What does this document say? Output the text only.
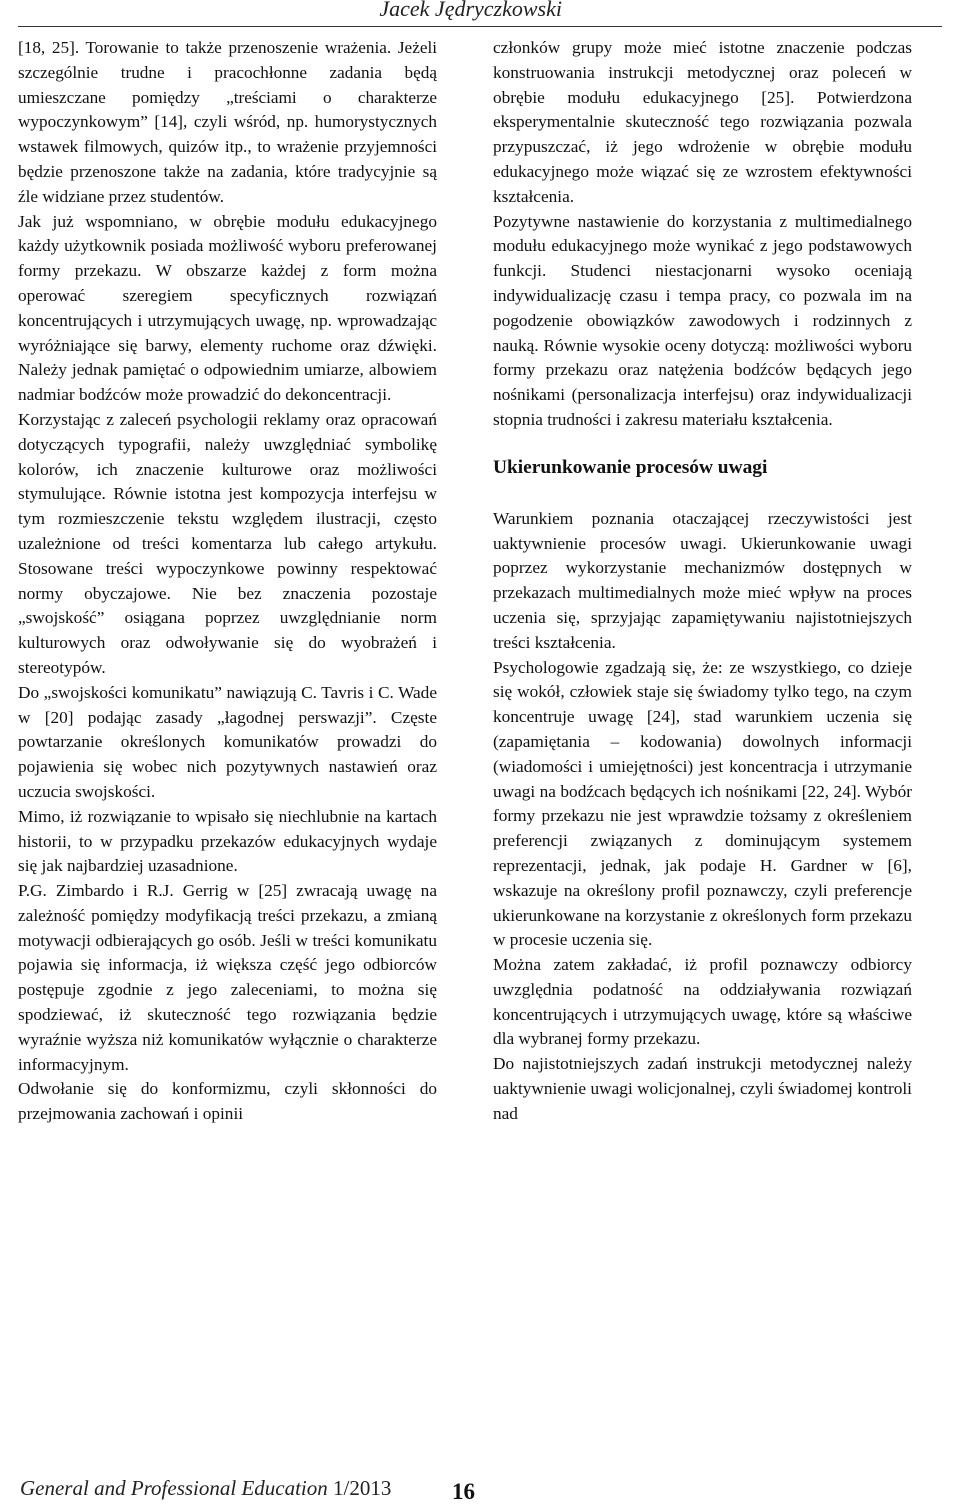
Jacek Jędryczkowski

[18, 25]. Torowanie to także przenoszenie wrażenia. Jeżeli szczególnie trudne i pracochłonne zadania będą umieszczane pomiędzy „treściami o charakterze wypoczynkowym” [14], czyli wśród, np. humorystycznych wstawek filmowych, quizów itp., to wrażenie przyjemności będzie przenoszone także na zadania, które tradycyjnie są źle widziane przez studentów.

Jak już wspomniano, w obrębie modułu edukacyjnego każdy użytkownik posiada możliwość wyboru preferowanej formy przekazu. W obszarze każdej z form można operować szeregiem specyficznych rozwiązań koncentrujących i utrzymujących uwagę, np. wprowadzając wyróżniające się barwy, elementy ruchome oraz dźwięki. Należy jednak pamiętać o odpowiednim umiarze, albowiem nadmiar bodźców może prowadzić do dekoncentracji.

Korzystając z zaleceń psychologii reklamy oraz opracowań dotyczących typografii, należy uwzględniać symbolikę kolorów, ich znaczenie kulturowe oraz możliwości stymulujące. Równie istotna jest kompozycja interfejsu w tym rozmieszczenie tekstu względem ilustracji, często uzależnione od treści komentarza lub całego artykułu. Stosowane treści wypoczynkowe powinny respektować normy obyczajowe. Nie bez znaczenia pozostaje „swojskość” osiągana poprzez uwzględnianie norm kulturowych oraz odwoływanie się do wyobrażeń i stereotypów.

Do „swojskości komunikatu” nawiązują C. Tavris i C. Wade w [20] podając zasady „łagodnej perswazji”. Częste powtarzanie określonych komunikatów prowadzi do pojawienia się wobec nich pozytywnych nastawień oraz uczucia swojskości.

Mimo, iż rozwiązanie to wpisało się niechlubnie na kartach historii, to w przypadku przekazów edukacyjnych wydaje się jak najbardziej uzasadnione.

P.G. Zimbardo i R.J. Gerrig w [25] zwracają uwagę na zależność pomiędzy modyfikacją treści przekazu, a zmianą motywacji odbierających go osób. Jeśli w treści komunikatu pojawia się informacja, iż większa część jego odbiorców postępuje zgodnie z jego zaleceniami, to można się spodziewać, iż skuteczność tego rozwiązania będzie wyraźnie wyższa niż komunikatów wyłącznie o charakterze informacyjnym.

Odwołanie się do konformizmu, czyli skłonności do przejmowania zachowań i opinii

członków grupy może mieć istotne znaczenie podczas konstruowania instrukcji metodycznej oraz poleceń w obrębie modułu edukacyjnego [25]. Potwierdzona eksperymentalnie skuteczność tego rozwiązania pozwala przypuszczać, iż jego wdrożenie w obrębie modułu edukacyjnego może wiązać się ze wzrostem efektywności kształcenia.

Pozytywne nastawienie do korzystania z multimedialnego modułu edukacyjnego może wynikać z jego podstawowych funkcji. Studenci niestacjonarni wysoko oceniają indywidualizację czasu i tempa pracy, co pozwala im na pogodzenie obowiązków zawodowych i rodzinnych z nauką. Równie wysokie oceny dotyczą: możliwości wyboru formy przekazu oraz natężenia bodźców będących jego nośnikami (personalizacja interfejsu) oraz indywidualizacji stopnia trudności i zakresu materiału kształcenia.

Ukierunkowanie procesów uwagi

Warunkiem poznania otaczającej rzeczywistości jest uaktywnienie procesów uwagi. Ukierunkowanie uwagi poprzez wykorzystanie mechanizmów dostępnych w przekazach multimedialnych może mieć wpływ na proces uczenia się, sprzyjając zapamiętywaniu najistotniejszych treści kształcenia.

Psychologowie zgadzają się, że: ze wszystkiego, co dzieje się wokół, człowiek staje się świadomy tylko tego, na czym koncentruje uwagę [24], stad warunkiem uczenia się (zapamiętania – kodowania) dowolnych informacji (wiadomości i umiejętności) jest koncentracja i utrzymanie uwagi na bodźcach będących ich nośnikami [22, 24]. Wybór formy przekazu nie jest wprawdzie tożsamy z określeniem preferencji związanych z dominującym systemem reprezentacji, jednak, jak podaje H. Gardner w [6], wskazuje na określony profil poznawczy, czyli preferencje ukierunkowane na korzystanie z określonych form przekazu w procesie uczenia się.

Można zatem zakładać, iż profil poznawczy odbiorcy uwzględnia podatność na oddziaływania rozwiązań koncentrujących i utrzymujących uwagę, które są właściwe dla wybranej formy przekazu.

Do najistotniejszych zadań instrukcji metodycznej należy uaktywnienie uwagi wolicjonalnej, czyli świadomej kontroli nad

General and Professional Education 1/2013	16
